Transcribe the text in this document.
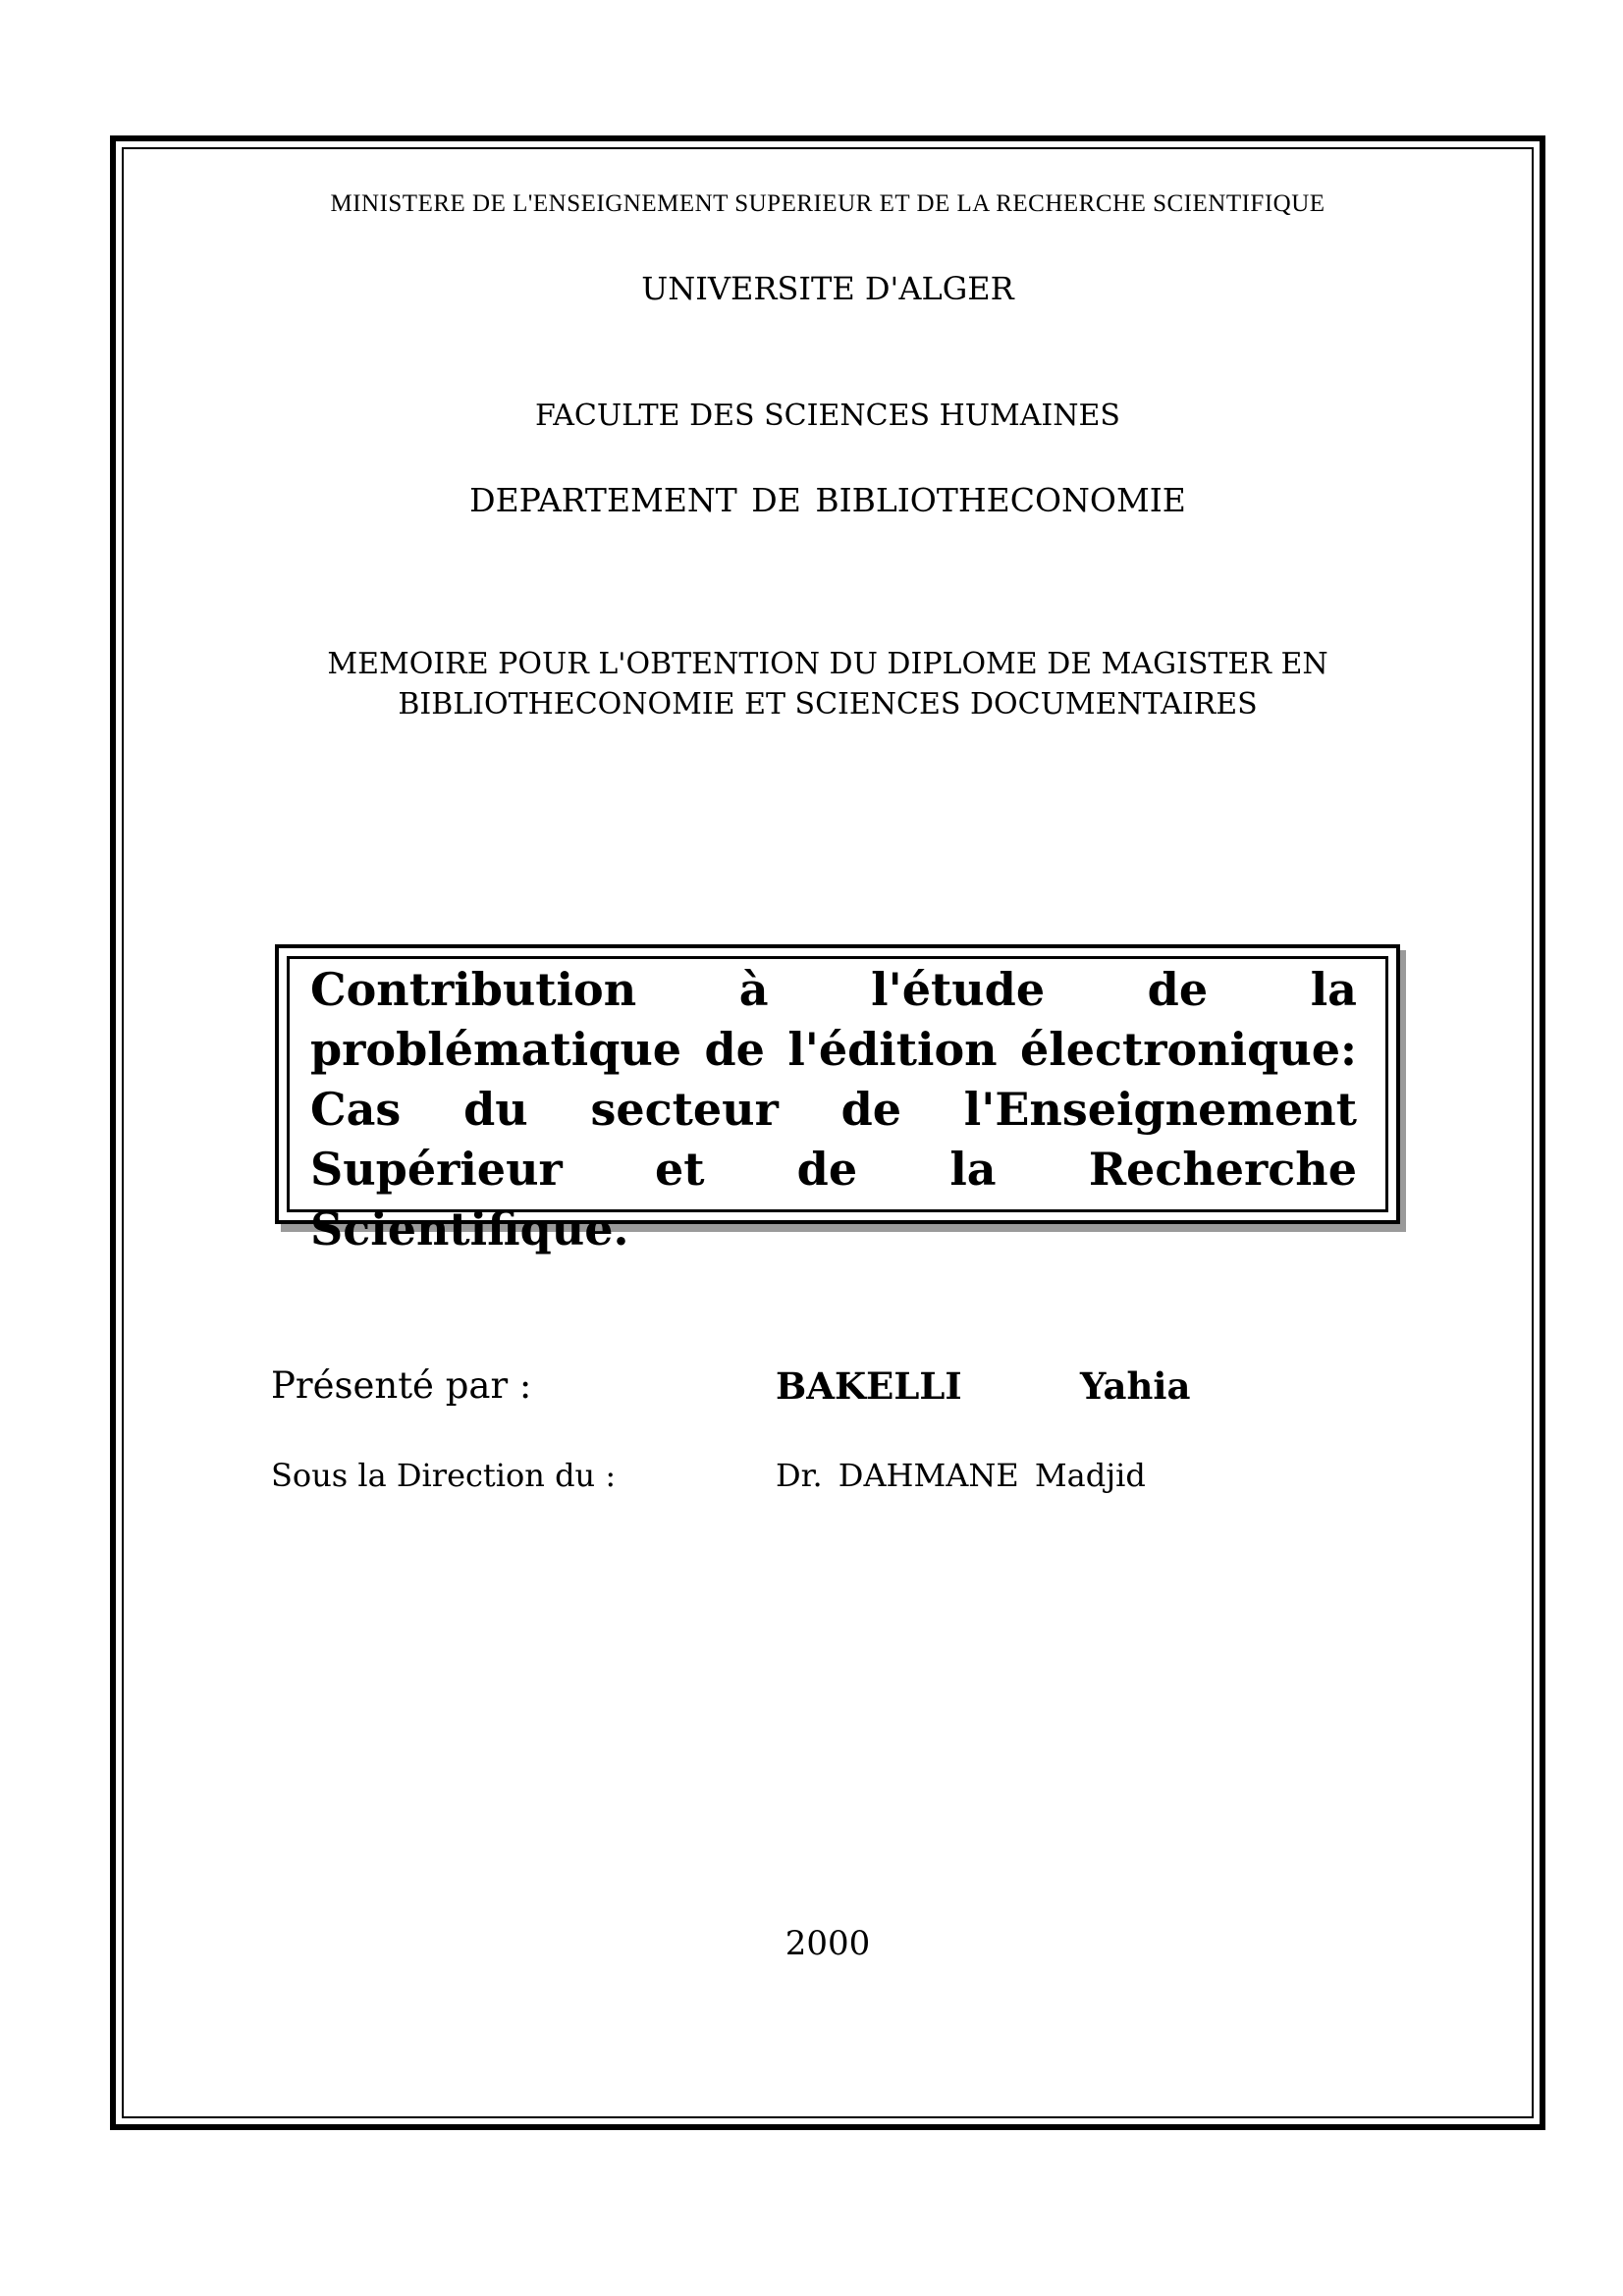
MINISTERE DE L'ENSEIGNEMENT SUPERIEUR ET DE LA RECHERCHE SCIENTIFIQUE
UNIVERSITE D'ALGER
FACULTE DES SCIENCES HUMAINES
DEPARTEMENT DE BIBLIOTHECONOMIE
MEMOIRE POUR L'OBTENTION DU DIPLOME DE MAGISTER EN
BIBLIOTHECONOMIE ET SCIENCES DOCUMENTAIRES
Contribution à l'étude de la problématique de l'édition électronique: Cas du secteur de l'Enseignement Supérieur et de la Recherche Scientifique.
Présenté par :	BAKELLI	Yahia
Sous la Direction du :	Dr. DAHMANE Madjid
2000
